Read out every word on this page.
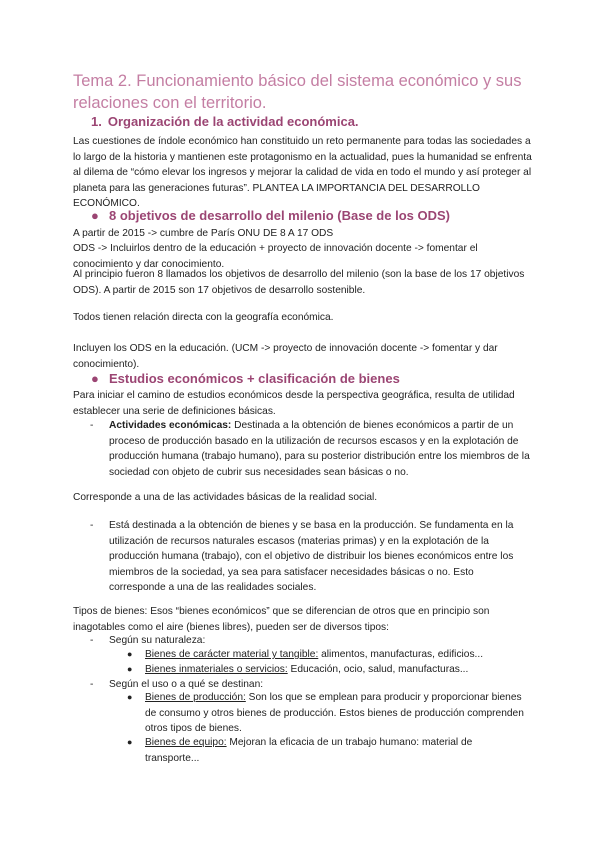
Tema 2. Funcionamiento básico del sistema económico y sus relaciones con el territorio.
1. Organización de la actividad económica.
Las cuestiones de índole económico han constituido un reto permanente para todas las sociedades a lo largo de la historia y mantienen este protagonismo en la actualidad, pues la humanidad se enfrenta al dilema de “cómo elevar los ingresos y mejorar la calidad de vida en todo el mundo y así proteger al planeta para las generaciones futuras”. PLANTEA LA IMPORTANCIA DEL DESARROLLO ECONÓMICO.
● 8 objetivos de desarrollo del milenio (Base de los ODS)
A partir de 2015 -> cumbre de París ONU DE 8 A 17 ODS
ODS -> Incluirlos dentro de la educación + proyecto de innovación docente -> fomentar el conocimiento y dar conocimiento.
Al principio fueron 8 llamados los objetivos de desarrollo del milenio (son la base de los 17 objetivos ODS). A partir de 2015 son 17 objetivos de desarrollo sostenible.
Todos tienen relación directa con la geografía económica.
Incluyen los ODS en la educación. (UCM -> proyecto de innovación docente -> fomentar y dar conocimiento).
● Estudios económicos + clasificación de bienes
Para iniciar el camino de estudios económicos desde la perspectiva geográfica, resulta de utilidad establecer una serie de definiciones básicas.
- Actividades económicas: Destinada a la obtención de bienes económicos a partir de un proceso de producción basado en la utilización de recursos escasos y en la explotación de producción humana (trabajo humano), para su posterior distribución entre los miembros de la sociedad con objeto de cubrir sus necesidades sean básicas o no.
Corresponde a una de las actividades básicas de la realidad social.
- Está destinada a la obtención de bienes y se basa en la producción. Se fundamenta en la utilización de recursos naturales escasos (materias primas) y en la explotación de la producción humana (trabajo), con el objetivo de distribuir los bienes económicos entre los miembros de la sociedad, ya sea para satisfacer necesidades básicas o no. Esto corresponde a una de las realidades sociales.
Tipos de bienes: Esos “bienes económicos” que se diferencian de otros que en principio son inagotables como el aire (bienes libres), pueden ser de diversos tipos:
- Según su naturaleza:
● Bienes de carácter material y tangible: alimentos, manufacturas, edificios...
● Bienes inmateriales o servicios: Educación, ocio, salud, manufacturas...
- Según el uso o a qué se destinan:
● Bienes de producción: Son los que se emplean para producir y proporcionar bienes de consumo y otros bienes de producción. Estos bienes de producción comprenden otros tipos de bienes.
● Bienes de equipo: Mejoran la eficacia de un trabajo humano: material de transporte...
